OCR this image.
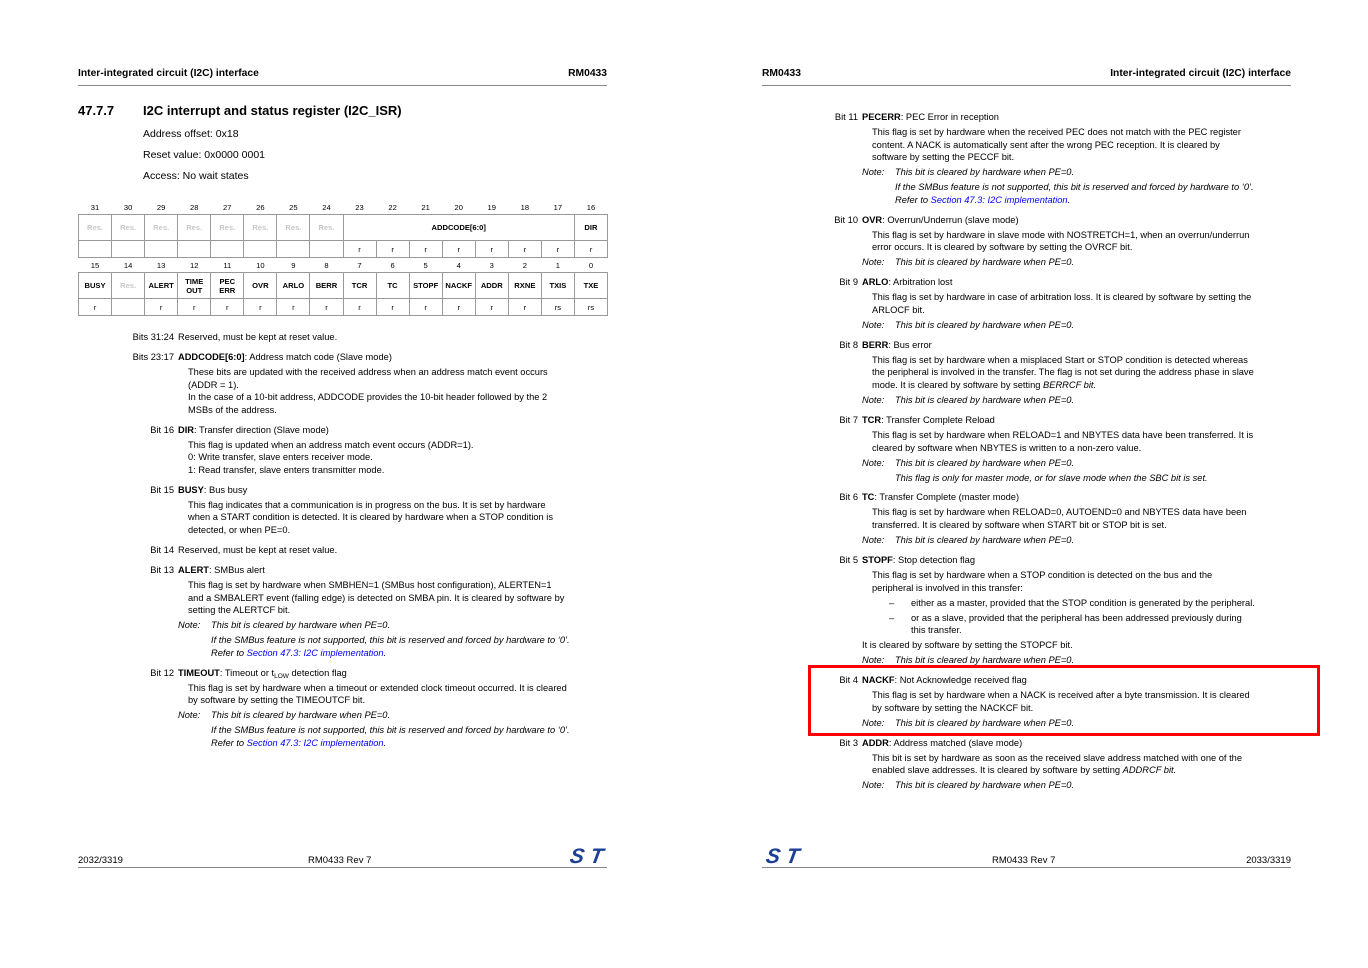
Inter-integrated circuit (I2C) interface	RM0433
47.7.7 I2C interrupt and status register (I2C_ISR)
Address offset: 0x18
Reset value: 0x0000 0001
Access: No wait states
31	30	29	28	27	26	25	24	23	22	21	20	19	18	17	16
Res.	Res.	Res.	Res.	Res.	Res.	Res.	Res.	ADDCODE[6:0]							DIR
								r	r	r	r	r	r	r	r
15	14	13	12	11	10	9	8	7	6	5	4	3	2	1	0
BUSY	Res.	ALERT	TIME OUT	PEC ERR	OVR	ARLO	BERR	TCR	TC	STOPF	NACKF	ADDR	RXNE	TXIS	TXE
r		r	r	r	r	r	r	r	r	r	r	r	r	rs	rs
Bits 31:24 Reserved, must be kept at reset value.
Bits 23:17 ADDCODE[6:0]: Address match code (Slave mode)
These bits are updated with the received address when an address match event occurs
(ADDR = 1).
In the case of a 10-bit address, ADDCODE provides the 10-bit header followed by the 2
MSBs of the address.
Bit 16 DIR: Transfer direction (Slave mode)
This flag is updated when an address match event occurs (ADDR=1).
0: Write transfer, slave enters receiver mode.
1: Read transfer, slave enters transmitter mode.
Bit 15 BUSY: Bus busy
This flag indicates that a communication is in progress on the bus. It is set by hardware
when a START condition is detected. It is cleared by hardware when a STOP condition is
detected, or when PE=0.
Bit 14 Reserved, must be kept at reset value.
Bit 13 ALERT: SMBus alert
This flag is set by hardware when SMBHEN=1 (SMBus host configuration), ALERTEN=1
and a SMBALERT event (falling edge) is detected on SMBA pin. It is cleared by software by
setting the ALERTCF bit.
Note: This bit is cleared by hardware when PE=0.
If the SMBus feature is not supported, this bit is reserved and forced by hardware to ‘0’.
Refer to Section 47.3: I2C implementation.
Bit 12 TIMEOUT: Timeout or $t_{LOW}$ detection flag
This flag is set by hardware when a timeout or extended clock timeout occurred. It is cleared
by software by setting the TIMEOUTCF bit.
Note: This bit is cleared by hardware when PE=0.
If the SMBus feature is not supported, this bit is reserved and forced by hardware to ‘0’.
Refer to Section 47.3: I2C implementation.
2032/3319	RM0433 Rev 7	ST
RM0433	Inter-integrated circuit (I2C) interface
Bit 11 PECERR: PEC Error in reception
This flag is set by hardware when the received PEC does not match with the PEC register
content. A NACK is automatically sent after the wrong PEC reception. It is cleared by
software by setting the PECCF bit.
Note: This bit is cleared by hardware when PE=0.
If the SMBus feature is not supported, this bit is reserved and forced by hardware to ‘0’.
Refer to Section 47.3: I2C implementation.
Bit 10 OVR: Overrun/Underrun (slave mode)
This flag is set by hardware in slave mode with NOSTRETCH=1, when an overrun/underrun
error occurs. It is cleared by software by setting the OVRCF bit.
Note: This bit is cleared by hardware when PE=0.
Bit 9 ARLO: Arbitration lost
This flag is set by hardware in case of arbitration loss. It is cleared by software by setting the
ARLOCF bit.
Note: This bit is cleared by hardware when PE=0.
Bit 8 BERR: Bus error
This flag is set by hardware when a misplaced Start or STOP condition is detected whereas
the peripheral is involved in the transfer. The flag is not set during the address phase in slave
mode. It is cleared by software by setting BERRCF bit.
Note: This bit is cleared by hardware when PE=0.
Bit 7 TCR: Transfer Complete Reload
This flag is set by hardware when RELOAD=1 and NBYTES data have been transferred. It is
cleared by software when NBYTES is written to a non-zero value.
Note: This bit is cleared by hardware when PE=0.
This flag is only for master mode, or for slave mode when the SBC bit is set.
Bit 6 TC: Transfer Complete (master mode)
This flag is set by hardware when RELOAD=0, AUTOEND=0 and NBYTES data have been
transferred. It is cleared by software when START bit or STOP bit is set.
Note: This bit is cleared by hardware when PE=0.
Bit 5 STOPF: Stop detection flag
This flag is set by hardware when a STOP condition is detected on the bus and the
peripheral is involved in this transfer:
– either as a master, provided that the STOP condition is generated by the peripheral.
– or as a slave, provided that the peripheral has been addressed previously during
this transfer.
It is cleared by software by setting the STOPCF bit.
Note: This bit is cleared by hardware when PE=0.
Bit 4 NACKF: Not Acknowledge received flag
This flag is set by hardware when a NACK is received after a byte transmission. It is cleared
by software by setting the NACKCF bit.
Note: This bit is cleared by hardware when PE=0.
Bit 3 ADDR: Address matched (slave mode)
This bit is set by hardware as soon as the received slave address matched with one of the
enabled slave addresses. It is cleared by software by setting ADDRCF bit.
Note: This bit is cleared by hardware when PE=0.
ST	RM0433 Rev 7	2033/3319
